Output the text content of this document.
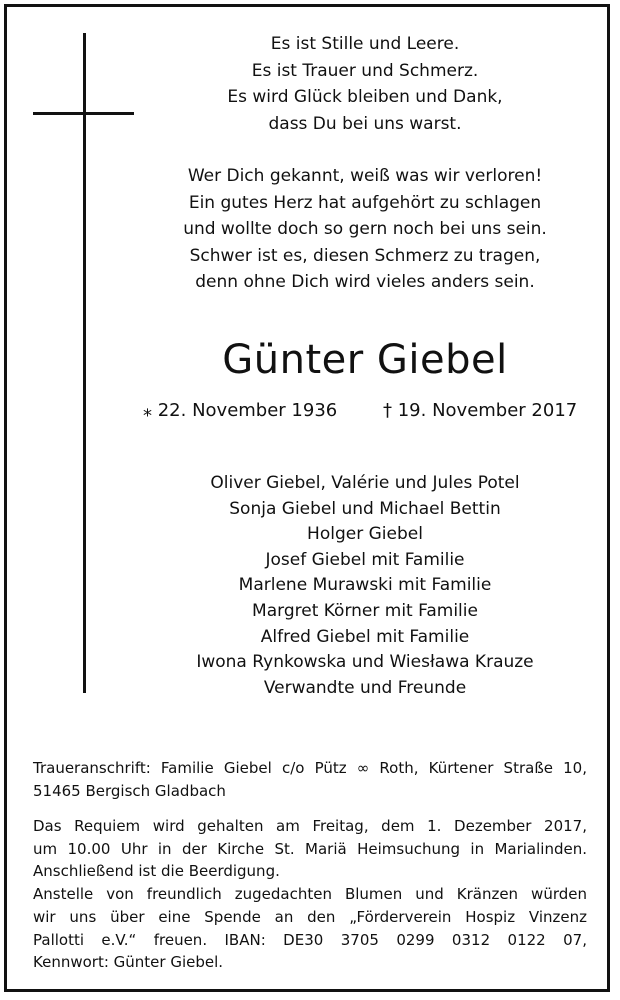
Es ist Stille und Leere.
Es ist Trauer und Schmerz.
Es wird Glück bleiben und Dank,
dass Du bei uns warst.
Wer Dich gekannt, weiß was wir verloren!
Ein gutes Herz hat aufgehört zu schlagen
und wollte doch so gern noch bei uns sein.
Schwer ist es, diesen Schmerz zu tragen,
denn ohne Dich wird vieles anders sein.
Günter Giebel
⁎ 22. November 1936	† 19. November 2017
Oliver Giebel, Valérie und Jules Potel
Sonja Giebel und Michael Bettin
Holger Giebel
Josef Giebel mit Familie
Marlene Murawski mit Familie
Margret Körner mit Familie
Alfred Giebel mit Familie
Iwona Rynkowska und Wiesława Krauze
Verwandte und Freunde
Traueranschrift: Familie Giebel c/o Pütz ∞ Roth, Kürtener Straße 10,
51465 Bergisch Gladbach
Das Requiem wird gehalten am Freitag, dem 1. Dezember 2017,
um 10.00 Uhr in der Kirche St. Mariä Heimsuchung in Marialinden.
Anschließend ist die Beerdigung.
Anstelle von freundlich zugedachten Blumen und Kränzen würden
wir uns über eine Spende an den „Förderverein Hospiz Vinzenz
Pallotti e.V.“ freuen. IBAN: DE30 3705 0299 0312 0122 07,
Kennwort: Günter Giebel.
